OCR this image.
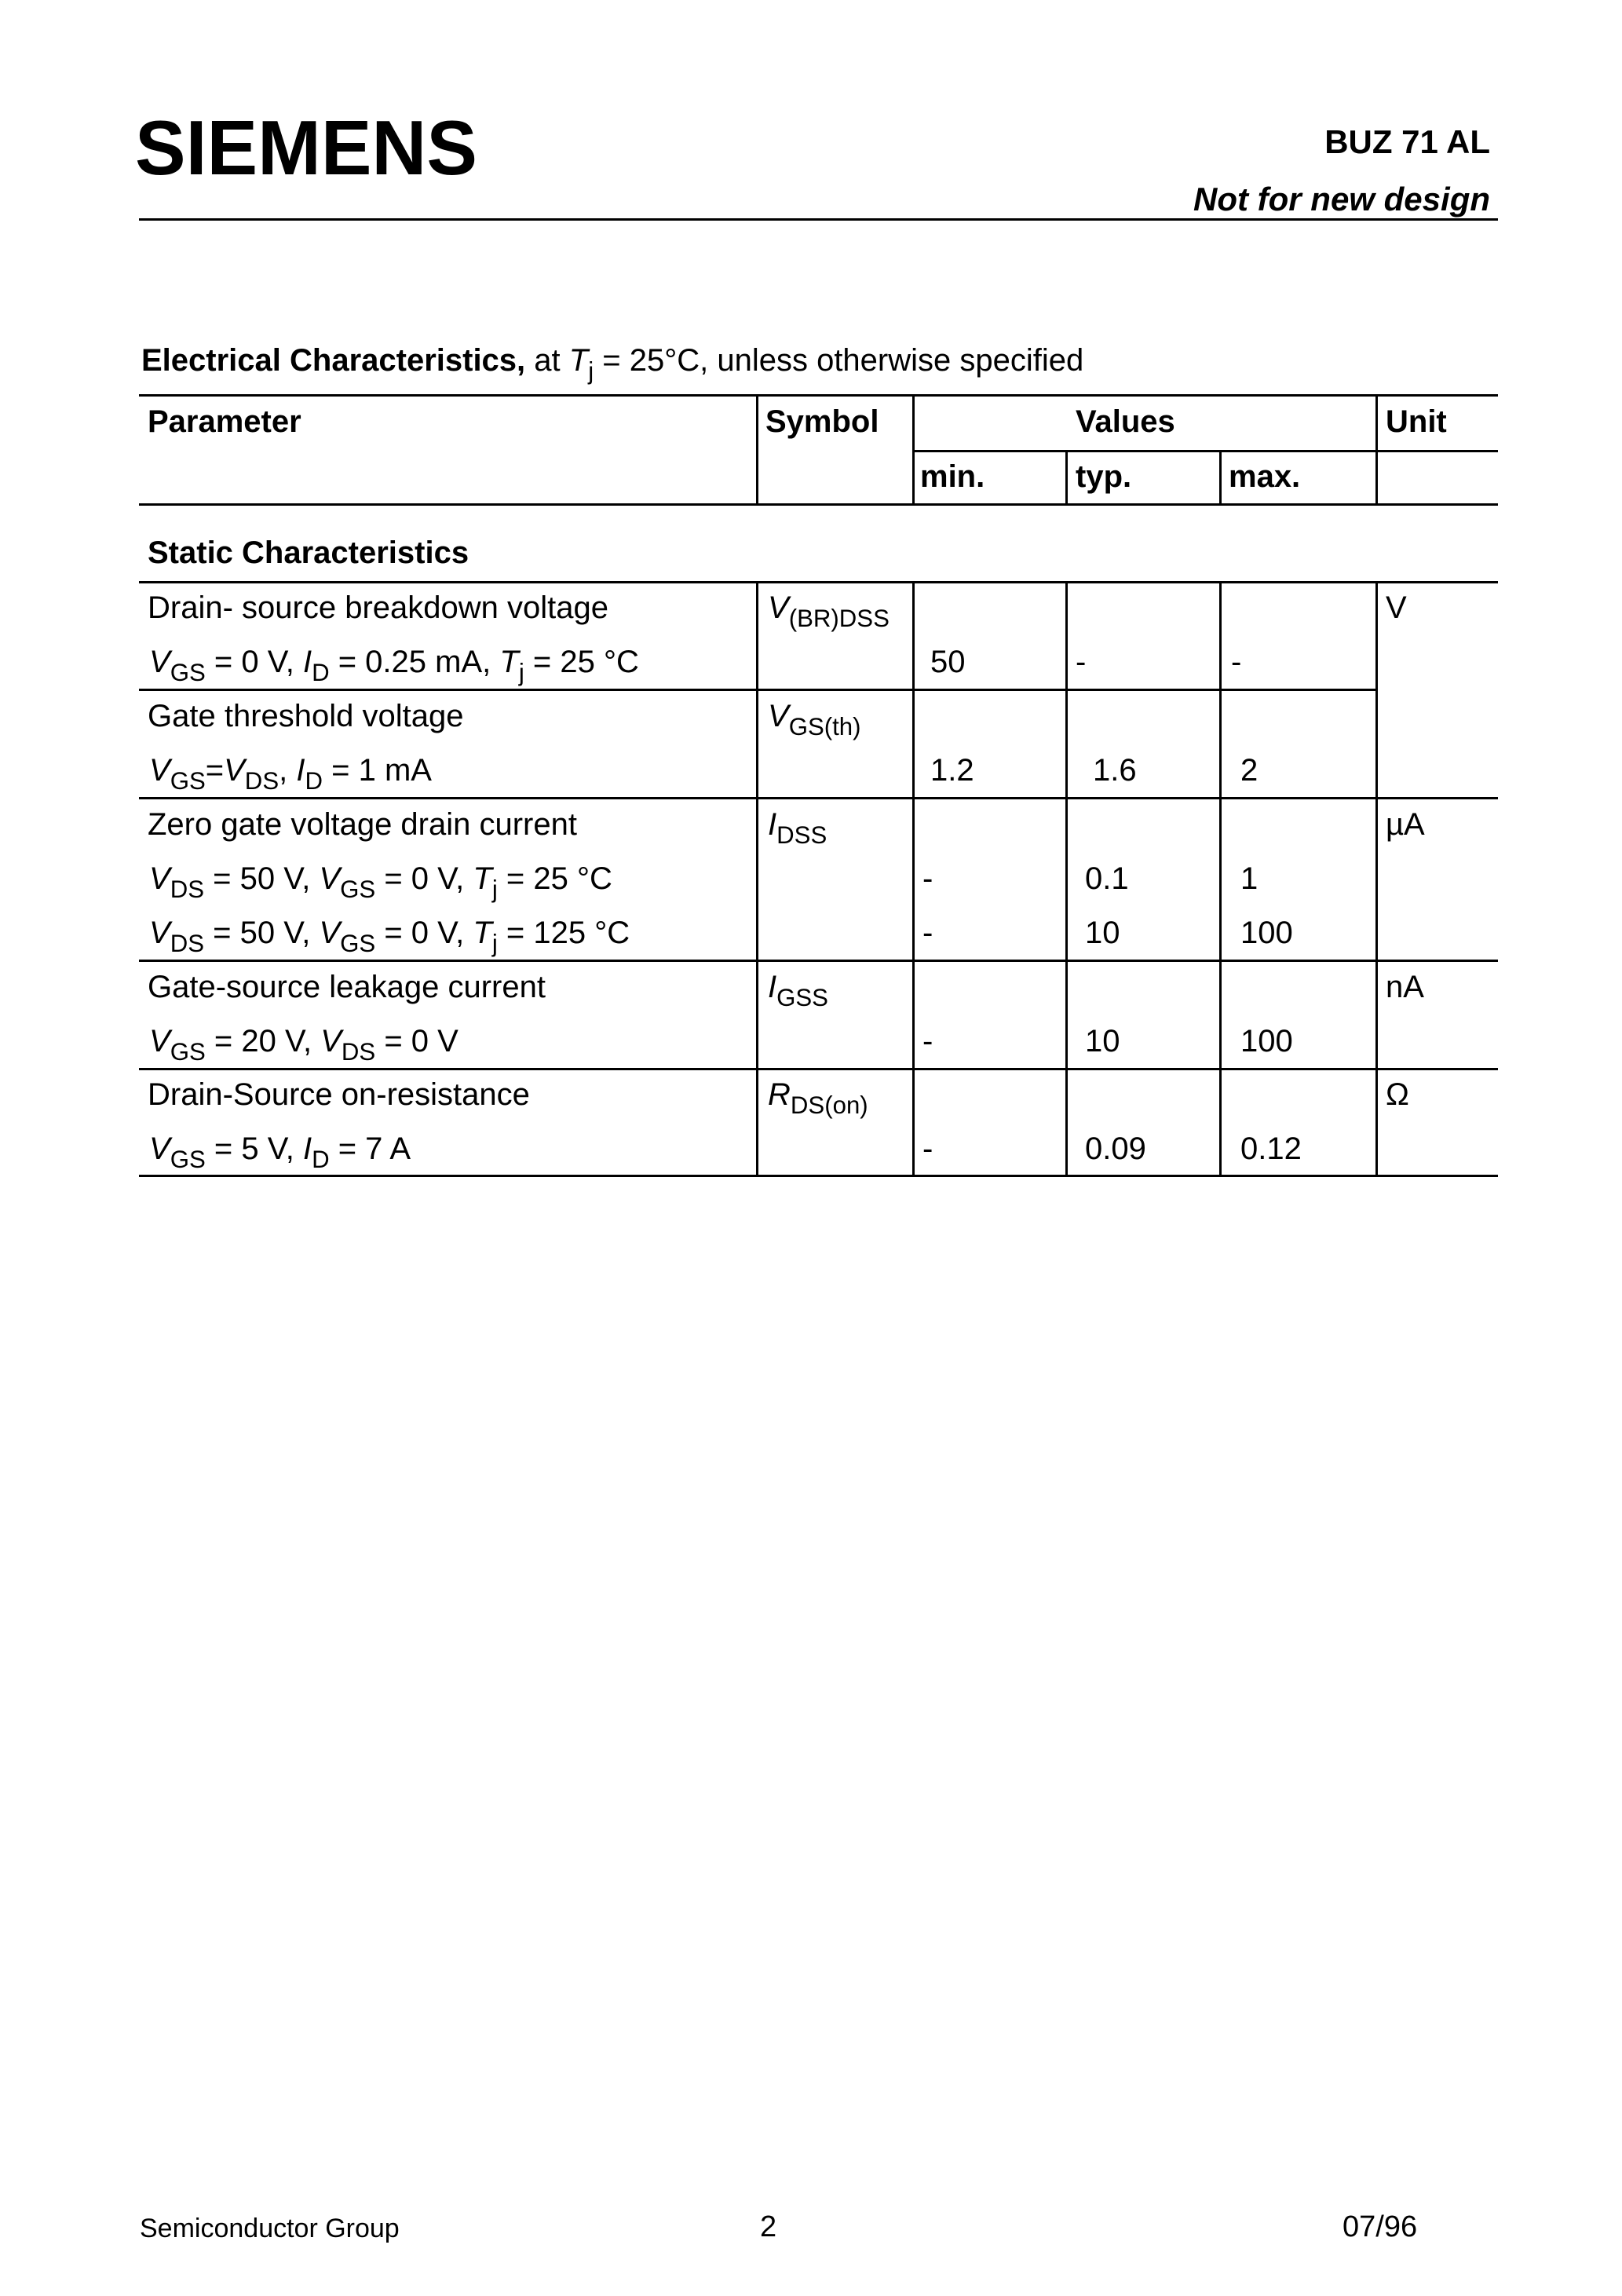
SIEMENS	BUZ 71 AL
Not for new design
Electrical Characteristics, at $T_j = 25^\circ C$, unless otherwise specified
Parameter	Symbol	Values	Unit
min.	typ.	max.
Static Characteristics
Drain- source breakdown voltage	$V_{(BR)DSS}$	V
$V_{GS} = 0$ V, $I_D = 0.25$ mA, $T_j = 25$ °C	50	-	-
Gate threshold voltage	$V_{GS(th)}$
$V_{GS}=V_{DS}$, $I_D = 1$ mA	1.2	1.6	2
Zero gate voltage drain current	$I_{DSS}$	µA
$V_{DS} = 50$ V, $V_{GS} = 0$ V, $T_j = 25$ °C	-	0.1	1
$V_{DS} = 50$ V, $V_{GS} = 0$ V, $T_j = 125$ °C	-	10	100
Gate-source leakage current	$I_{GSS}$	nA
$V_{GS} = 20$ V, $V_{DS} = 0$ V	-	10	100
Drain-Source on-resistance	$R_{DS(on)}$	Ω
$V_{GS} = 5$ V, $I_D = 7$ A	-	0.09	0.12
Semiconductor Group	2	07/96
